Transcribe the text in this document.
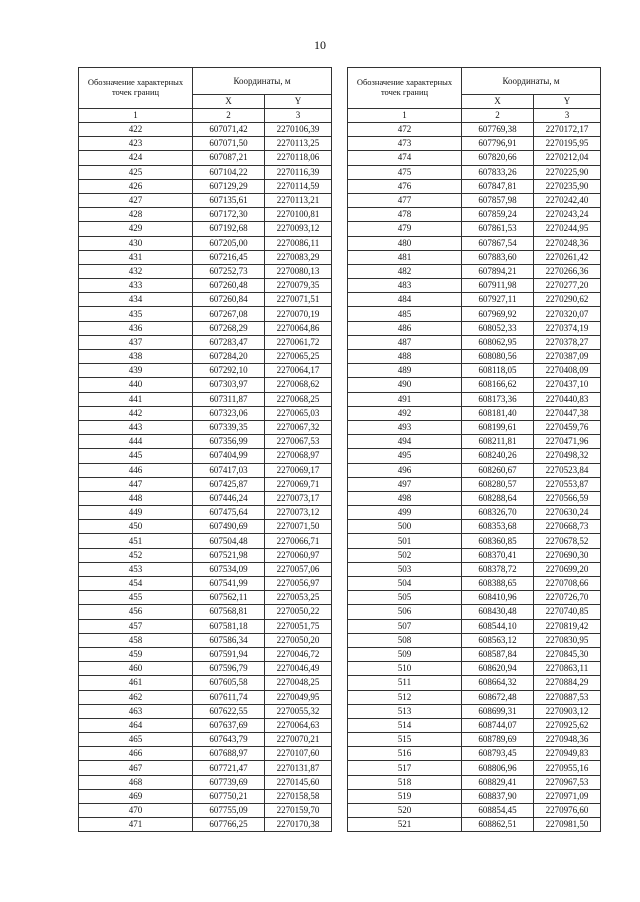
10
Обозначение характерных точек границ	Координаты, м	
	X	Y
1	2	3
422	607071,42	2270106,39
423	607071,50	2270113,25
424	607087,21	2270118,06
425	607104,22	2270116,39
426	607129,29	2270114,59
427	607135,61	2270113,21
428	607172,30	2270100,81
429	607192,68	2270093,12
430	607205,00	2270086,11
431	607216,45	2270083,29
432	607252,73	2270080,13
433	607260,48	2270079,35
434	607260,84	2270071,51
435	607267,08	2270070,19
436	607268,29	2270064,86
437	607283,47	2270061,72
438	607284,20	2270065,25
439	607292,10	2270064,17
440	607303,97	2270068,62
441	607311,87	2270068,25
442	607323,06	2270065,03
443	607339,35	2270067,32
444	607356,99	2270067,53
445	607404,99	2270068,97
446	607417,03	2270069,17
447	607425,87	2270069,71
448	607446,24	2270073,17
449	607475,64	2270073,12
450	607490,69	2270071,50
451	607504,48	2270066,71
452	607521,98	2270060,97
453	607534,09	2270057,06
454	607541,99	2270056,97
455	607562,11	2270053,25
456	607568,81	2270050,22
457	607581,18	2270051,75
458	607586,34	2270050,20
459	607591,94	2270046,72
460	607596,79	2270046,49
461	607605,58	2270048,25
462	607611,74	2270049,95
463	607622,55	2270055,32
464	607637,69	2270064,63
465	607643,79	2270070,21
466	607688,97	2270107,60
467	607721,47	2270131,87
468	607739,69	2270145,60
469	607750,21	2270158,58
470	607755,09	2270159,70
471	607766,25	2270170,38
Обозначение характерных точек границ	Координаты, м	
	X	Y
1	2	3
472	607769,38	2270172,17
473	607796,91	2270195,95
474	607820,66	2270212,04
475	607833,26	2270225,90
476	607847,81	2270235,90
477	607857,98	2270242,40
478	607859,24	2270243,24
479	607861,53	2270244,95
480	607867,54	2270248,36
481	607883,60	2270261,42
482	607894,21	2270266,36
483	607911,98	2270277,20
484	607927,11	2270290,62
485	607969,92	2270320,07
486	608052,33	2270374,19
487	608062,95	2270378,27
488	608080,56	2270387,09
489	608118,05	2270408,09
490	608166,62	2270437,10
491	608173,36	2270440,83
492	608181,40	2270447,38
493	608199,61	2270459,76
494	608211,81	2270471,96
495	608240,26	2270498,32
496	608260,67	2270523,84
497	608280,57	2270553,87
498	608288,64	2270566,59
499	608326,70	2270630,24
500	608353,68	2270668,73
501	608360,85	2270678,52
502	608370,41	2270690,30
503	608378,72	2270699,20
504	608388,65	2270708,66
505	608410,96	2270726,70
506	608430,48	2270740,85
507	608544,10	2270819,42
508	608563,12	2270830,95
509	608587,84	2270845,30
510	608620,94	2270863,11
511	608664,32	2270884,29
512	608672,48	2270887,53
513	608699,31	2270903,12
514	608744,07	2270925,62
515	608789,69	2270948,36
516	608793,45	2270949,83
517	608806,96	2270955,16
518	608829,41	2270967,53
519	608837,90	2270971,09
520	608854,45	2270976,60
521	608862,51	2270981,50
